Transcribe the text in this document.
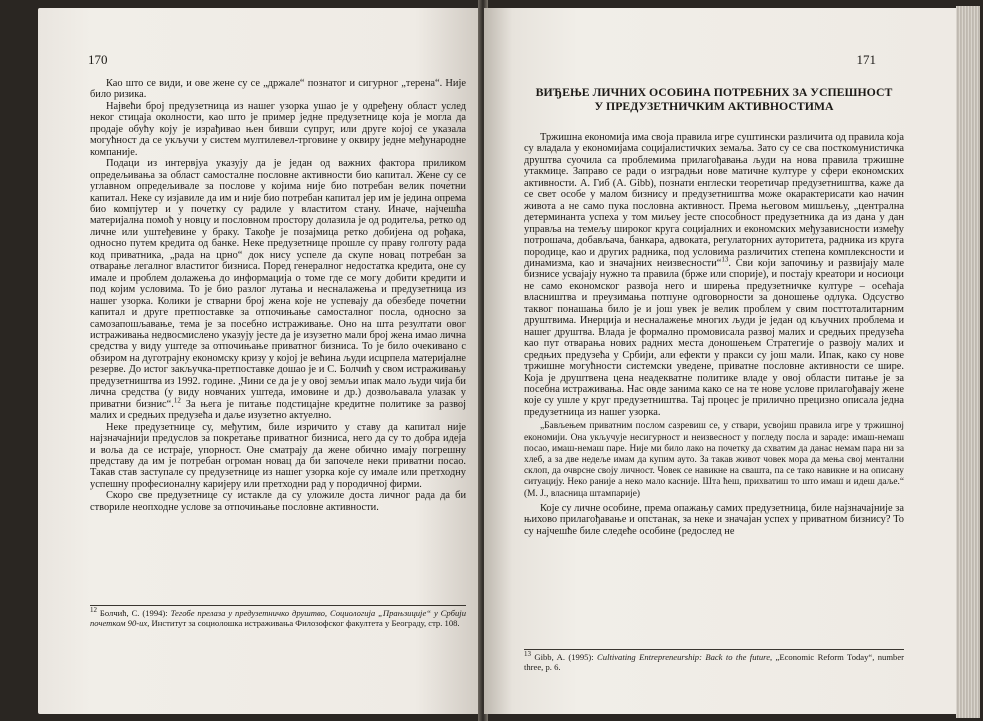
170

Као што се види, и ове жене су се „држале“ познатог и сигурног „терена“. Није било ризика.

Највећи број предузетница из нашег узорка ушао је у одређену област услед неког стицаја околности, као што је пример једне предузетнице која је могла да продаје обућу коју је израђивао њен бивши супруг, или друге којој се указала могућност да се укључи у систем мултилевел-трговине у оквиру једне међународне компаније.

Подаци из интервјуа указују да је један од важних фактора приликом опредељивања за област самосталне пословне активности био капитал. Жене су се углавном опредељивале за послове у којима није био потребан велик почетни капитал. Неке су изјавиле да им и није био потребан капитал јер им је једина опрема био компјутер и у почетку су радиле у властитом стану. Иначе, најчешћа материјална помоћ у новцу и пословном простору долазила је од родитеља, ретко од личне или уштеђевине у браку. Такође је позајмица ретко добијена од рођака, односно путем кредита од банке. Неке предузетнице прошле су праву голготу рада код приватника, „рада на црно“ док нису успеле да скупе новац потребан за отварање легалног властитог бизниса. Поред генералног недостатка кредита, оне су имале и проблем долажења до информација о томе где се могу добити кредити и под којим условима. То је био разлог лутања и несналажења и предузетница из нашег узорка. Колики је стварни број жена које не успевају да обезбеде почетни капитал и друге претпоставке за отпочињање самосталног посла, односно за самозапошљавање, тема је за посебно истраживање. Оно на шта резултати овог истраживања недвосмислено указују јесте да је изузетно мали број жена имао лична средства у виду уштеде за отпочињање приватног бизниса. То је било очекивано с обзиром на дуготрајну економску кризу у којој је већина људи исцрпела материјалне резерве. До истог закључка-претпоставке дошао је и С. Болчић у свом истраживању предузетништва из 1992. године. „Чини се да је у овој земљи ипак мало људи чија би лична средства (у виду новчаних уштеда, имовине и др.) дозвољавала улазак у приватни бизнис“.$^{12}$ За њега је питање подстицајне кредитне политике за развој малих и средњих предузећа и даље изузетно актуелно.

Неке предузетнице су, међутим, биле изричито у ставу да капитал није најзначајнији предуслов за покретање приватног бизниса, него да су то добра идеја и воља да се истраје, упорност. Оне сматрају да жене обично имају погрешну представу да им је потребан огроман новац да би започеле неки приватни посао. Такав став заступале су предузетнице из нашег узорка које су имале или претходну успешну професионалну каријеру или претходни рад у породичној фирми.

Скоро све предузетнице су истакле да су уложиле доста личног рада да би створиле неопходне услове за отпочињање пословне активности.

$^{12}$ Болчић, С. (1994): Тегобе прелаза у предузетничко друштво, Социологија „Прањзиције“ у Србији почетком 90-их, Институт за социолошка истраживања Филозофског факултета у Београду, стр. 108.
171
ВИЂЕЊЕ ЛИЧНИХ ОСОБИНА ПОТРЕБНИХ ЗА УСПЕШНОСТ
У ПРЕДУЗЕТНИЧКИМ АКТИВНОСТИМА

Тржишна економија има своја правила игре суштински различита од правила која су владала у економијама социјалистичких земаља. Зато су се сва посткомунистичка друштва суочила са проблемима прилагођавања људи на нова правила тржишне утакмице. Заправо се ради о изградњи нове матичне културе у сфери економских активности. А. Гиб (A. Gibb), познати енглески теоретичар предузетништва, каже да се свет особе у малом бизнису и предузетништва може окарактерисати као начин живота а не само пука пословна активност. Према његовом мишљењу, „централна детерминанта успеха у том миљеу јесте способност предузетника да из дана у дан управља на темељу широког круга социјалних и економских међузависности између потрошача, добављача, банкара, адвоката, регулаторних аутоpитета, радника из круга породице, као и других радника, под условима различитих степена комплексности и динамизма, као и значајних неизвесности“$^{13}$. Сви који започињу и развијају мале бизнисе усвајају нужно та правила (брже или спорије), и постају креатори и носиоци не само економског развоја него и ширења предузетничке културе – осећаја власништва и преузимања потпуне одговорности за доношење одлука. Одсуство таквог понашања било је и још увек је велик проблем у свим посттоталитарним друштвима. Инерција и несналажење многих људи је један од кључних проблема и нашег друштва. Влада је формално промовисала развој малих и средњих предузећа као пут отварања нових радних места доношењем Стратегије о развоју малих и средњих предузећа у Србији, али ефекти у пракси су још мали. Ипак, како су нове тржишне могућности системски уведене, приватне пословне активности се шире. Која је друштвена цена неадекватне политике владе у овој области питање је за посебна истраживања. Нас овде занима како се на те нове услове прилагођавају жене које су ушле у круг предузетништва. Тај процес је прилично прецизно описала једна предузетница из нашег узорка.

„Бављењем приватним послом сазревиш се, у ствари, усвојиш правила игре у тржишној економији. Она укључује несигурност и неизвесност у погледу посла и зараде: имаш-немаш посао, имаш-немаш паре. Није ми било лако на почетку да схватим да данас немам пара ни за хлеб, а за две недеље имам да купим ауто. За такав живот човек мора да мења свој ментални склоп, да очврсне своју личност. Човек се навикне на свашта, па се тако навикне и на описану ситуацију. Неко раније а неко мало касније. Шта ћеш, прихватиш то што имаш и идеш даље.“ (М. Ј., власница штампарије)

Које су личне особине, према опажању самих предузетница, биле најзначајније за њихово прилагођавање и опстанак, за неке и значајан успех у приватном бизнису? То су најчешће биле следеће особине (редослед не

$^{13}$ Gibb, A. (1995): Cultivating Entrepreneurship: Back to the future, „Economic Reform Today“, number three, p. 6.
